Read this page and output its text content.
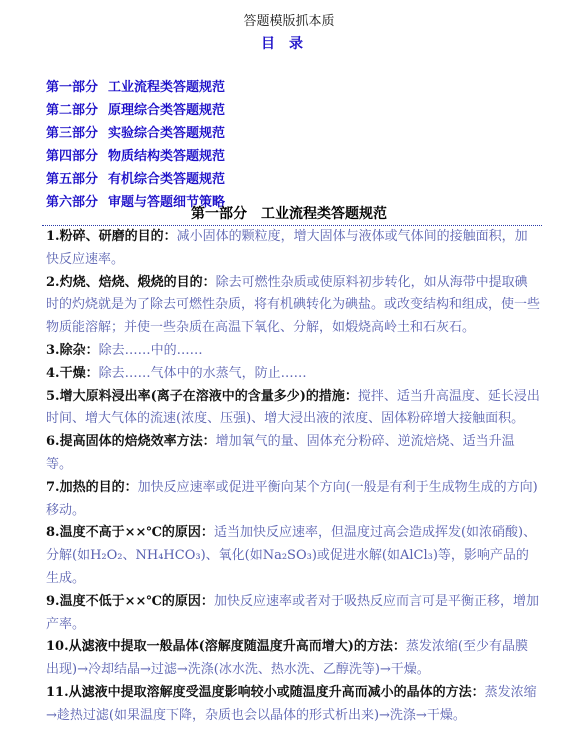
答题模版抓本质
目录
第一部分 工业流程类答题规范
第二部分 原理综合类答题规范
第三部分 实验综合类答题规范
第四部分 物质结构类答题规范
第五部分 有机综合类答题规范
第六部分 审题与答题细节策略
第一部分　工业流程类答题规范

1.粉碎、研磨的目的：减小固体的颗粒度，增大固体与液体或气体间的接触面积，加快反应速率。

2.灼烧、焙烧、煅烧的目的：除去可燃性杂质或使原料初步转化，如从海带中提取碘时的灼烧就是为了除去可燃性杂质，将有机碘转化为碘盐。或改变结构和组成，使一些物质能溶解；并使一些杂质在高温下氧化、分解，如煅烧高岭土和石灰石。

3.除杂：除去……中的……

4.干燥：除去……气体中的水蒸气，防止……

5.增大原料浸出率(离子在溶液中的含量多少)的措施：搅拌、适当升高温度、延长浸出时间、增大气体的流速(浓度、压强)、增大浸出液的浓度、固体粉碎增大接触面积。

6.提高固体的焙烧效率方法：增加氧气的量、固体充分粉碎、逆流焙烧、适当升温等。

7.加热的目的：加快反应速率或促进平衡向某个方向(一般是有利于生成物生成的方向)移动。

8.温度不高于××℃的原因：适当加快反应速率，但温度过高会造成挥发(如浓硝酸)、分解(如H₂O₂、NH₄HCO₃)、氧化(如Na₂SO₃)或促进水解(如AlCl₃)等，影响产品的生成。

9.温度不低于××℃的原因：加快反应速率或者对于吸热反应而言可是平衡正移，增加产率。

10.从滤液中提取一般晶体(溶解度随温度升高而增大)的方法：蒸发浓缩(至少有晶膜出现)→冷却结晶→过滤→洗涤(冰水洗、热水洗、乙醇洗等)→干燥。

11.从滤液中提取溶解度受温度影响较小或随温度升高而减小的晶体的方法：蒸发浓缩→趁热过滤(如果温度下降，杂质也会以晶体的形式析出来)→洗涤→干燥。
